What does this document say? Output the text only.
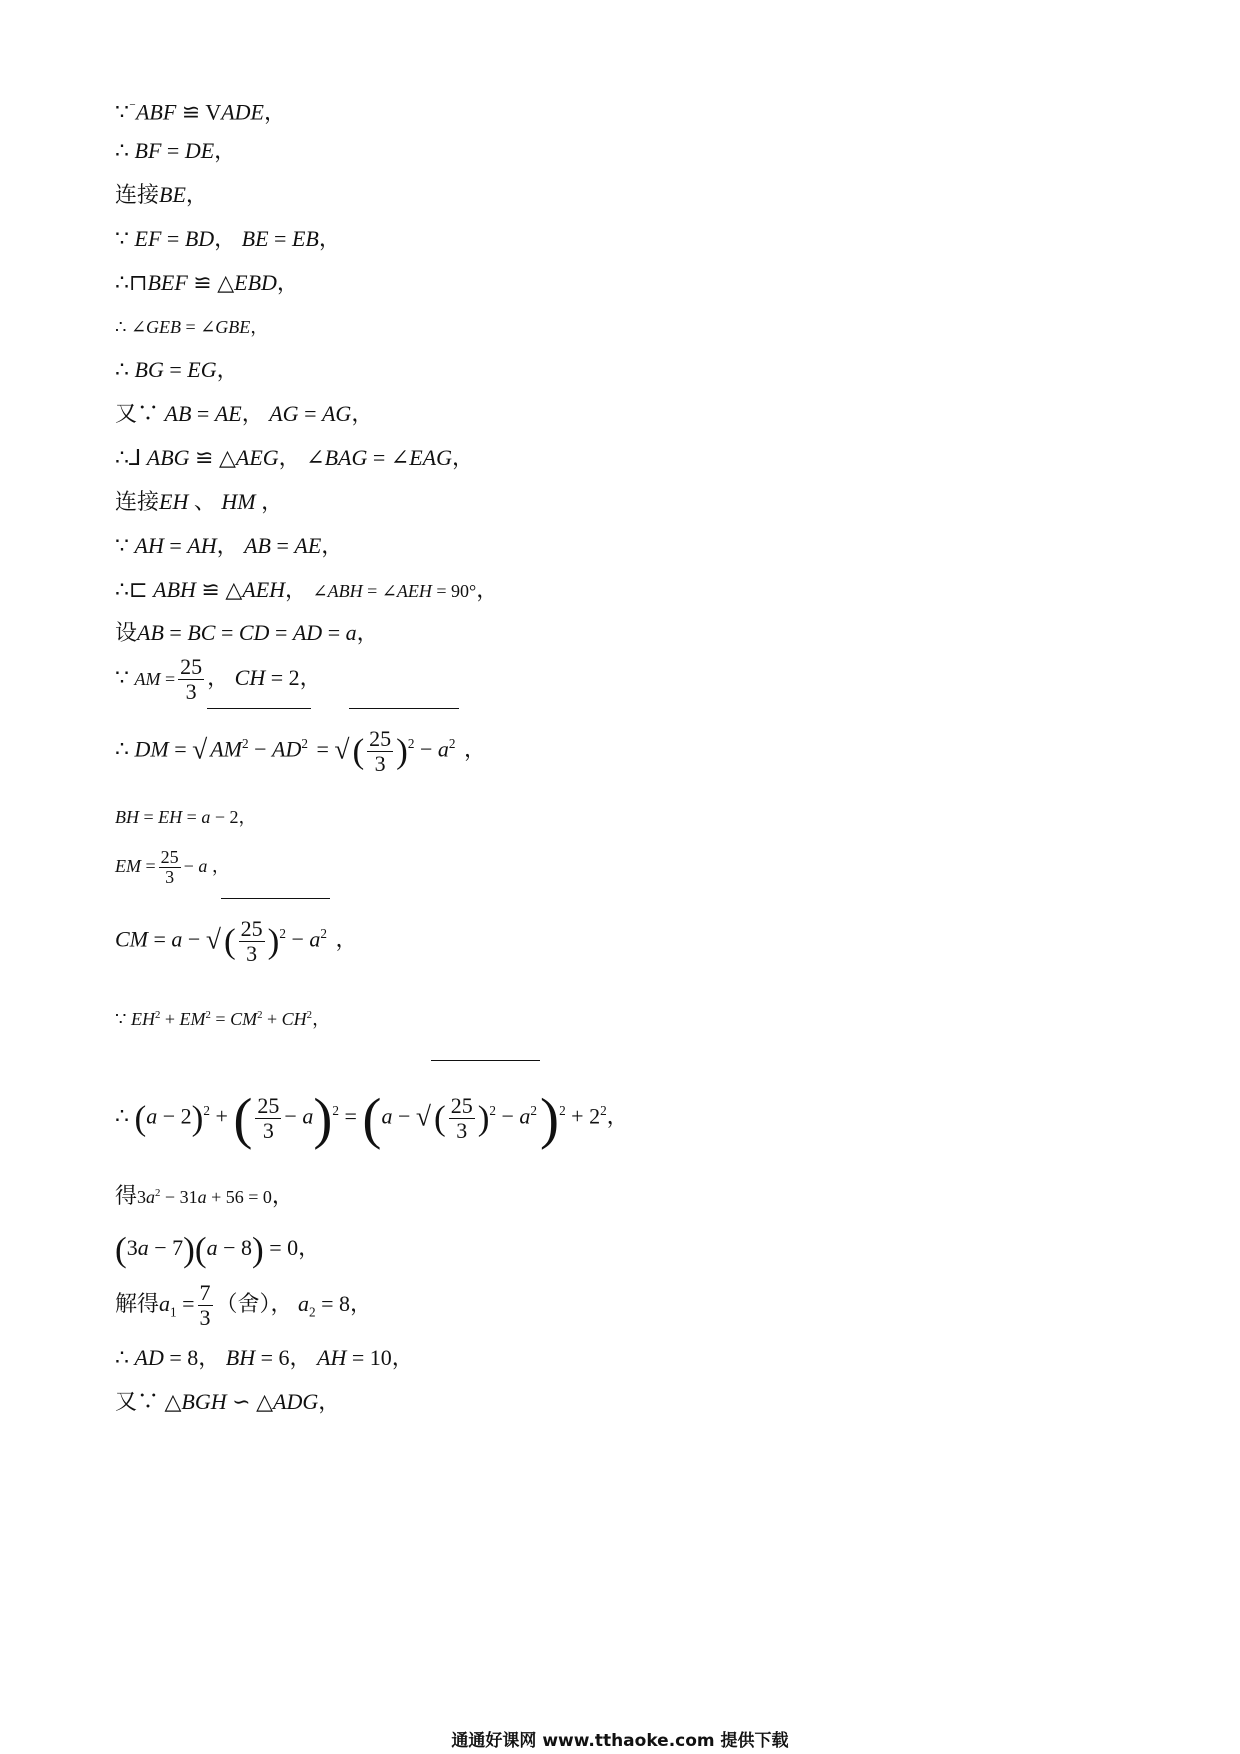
∵⁻ABF ≌ VADE，
∴ BF = DE，
连接BE，
∵ EF = BD， BE = EB，
∴⊓BEF ≌ △EBD，
∴ ∠GEB = ∠GBE，
∴ BG = EG，
又∵ AB = AE， AG = AG，
∴⅃ ABG ≌ △AEG， ∠BAG = ∠EAG，
连接EH 、 HM ，
∵ AH = AH， AB = AE，
∴⊏ ABH ≌ △AEH， ∠ABH = ∠AEH = 90°，
设AB = BC = CD = AD = a，
∵ AM = $\frac{25}{3}$ ， CH = 2，
∴ DM = √ $AM^2 - AD^2$ = √( $\frac{25}{3} )^2 - a^2$ ，
BH = EH = a − 2，
EM = $\frac{25}{3} - a$ ，
CM = a − √( $\frac{25}{3} )^2 - a^2$ ，
∵ $EH^2 + EM^2 = CM^2 + CH^2$，
∴ $(a - 2)^2$ + ( $\frac{25}{3} - a)^2 = (a$ − √( $\frac{25}{3} )^2 - a^2)^2 + 2^2$，
得$3a^2 - 31a + 56 = 0$，
(3a − 7)(a − 8) = 0，
解得$a_1 = \frac{7}{3}$ （舍）， $a_2 = 8$，
∴ AD = 8， BH = 6， AH = 10，
又∵ △BGH ∽ △ADG，
通通好课网 www.tthaoke.com 提供下载
